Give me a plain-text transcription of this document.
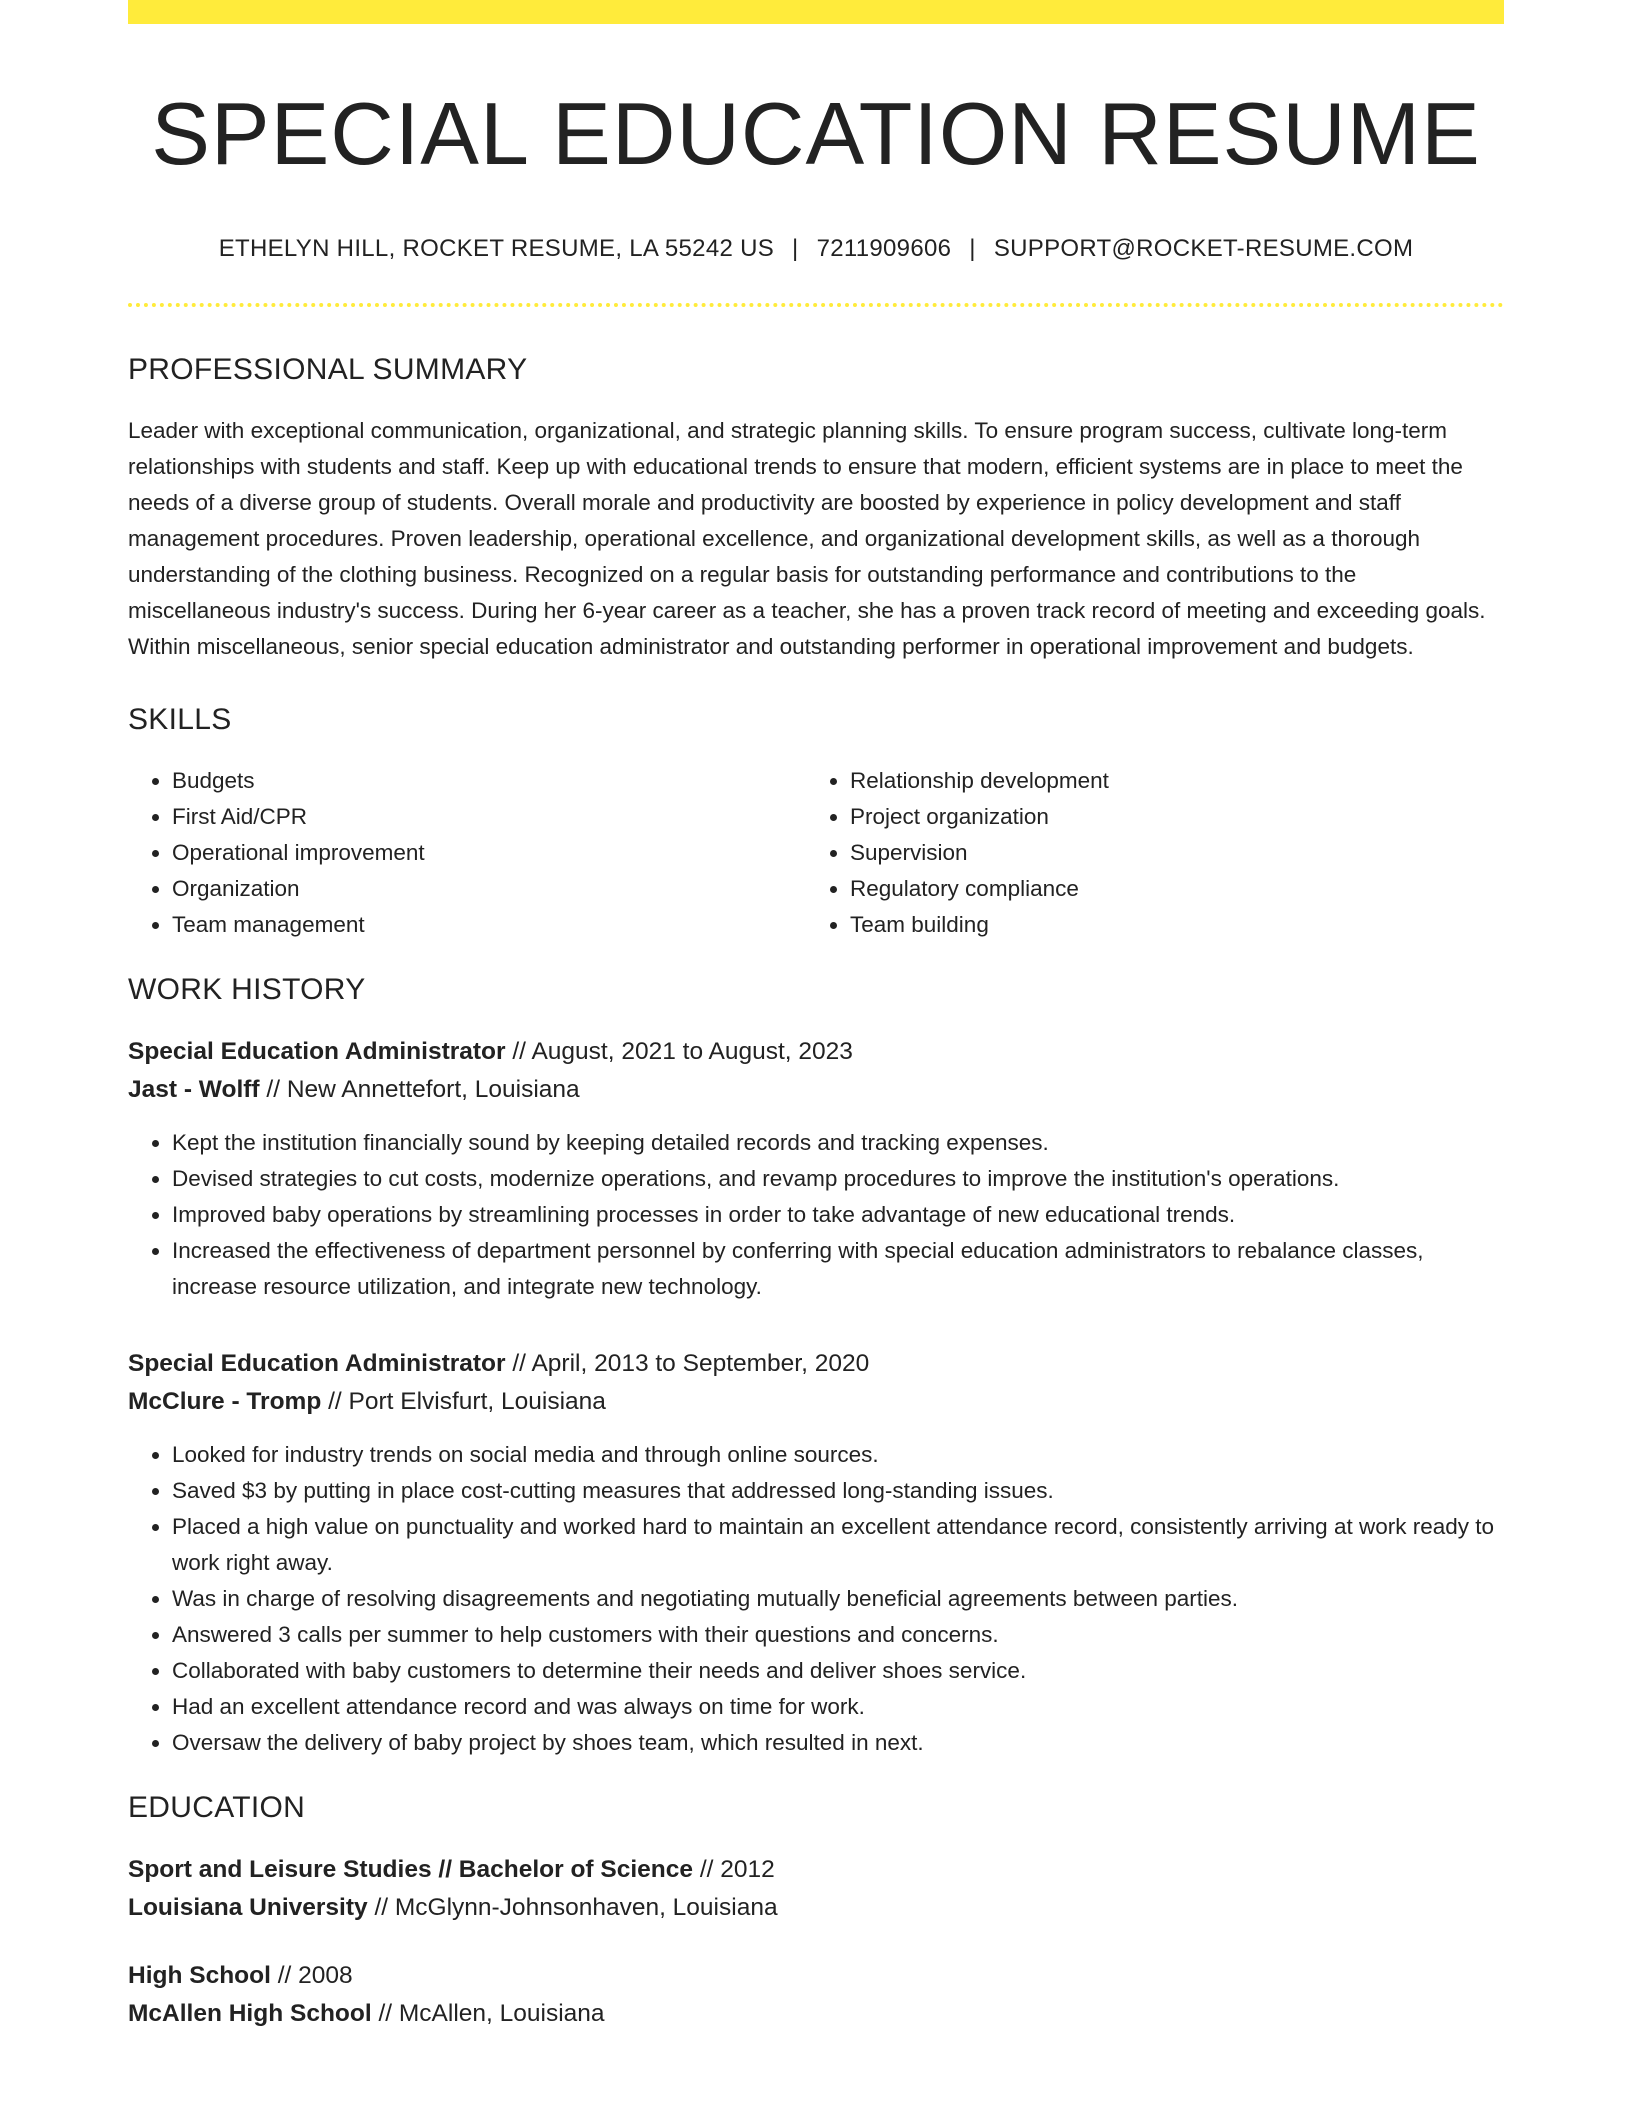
SPECIAL EDUCATION RESUME
ETHELYN HILL, ROCKET RESUME, LA 55242 US | 7211909606 | SUPPORT@ROCKET-RESUME.COM
PROFESSIONAL SUMMARY

Leader with exceptional communication, organizational, and strategic planning skills. To ensure program success, cultivate long-term relationships with students and staff. Keep up with educational trends to ensure that modern, efficient systems are in place to meet the needs of a diverse group of students. Overall morale and productivity are boosted by experience in policy development and staff management procedures. Proven leadership, operational excellence, and organizational development skills, as well as a thorough understanding of the clothing business. Recognized on a regular basis for outstanding performance and contributions to the miscellaneous industry's success. During her 6-year career as a teacher, she has a proven track record of meeting and exceeding goals. Within miscellaneous, senior special education administrator and outstanding performer in operational improvement and budgets.

SKILLS
• Budgets
• First Aid/CPR
• Operational improvement
• Organization
• Team management
• Relationship development
• Project organization
• Supervision
• Regulatory compliance
• Team building
WORK HISTORY
Special Education Administrator // August, 2021 to August, 2023
Jast - Wolff // New Annettefort, Louisiana
• Kept the institution financially sound by keeping detailed records and tracking expenses.
• Devised strategies to cut costs, modernize operations, and revamp procedures to improve the institution's operations.
• Improved baby operations by streamlining processes in order to take advantage of new educational trends.
• Increased the effectiveness of department personnel by conferring with special education administrators to rebalance classes, increase resource utilization, and integrate new technology.
Special Education Administrator // April, 2013 to September, 2020
McClure - Tromp // Port Elvisfurt, Louisiana
• Looked for industry trends on social media and through online sources.
• Saved $3 by putting in place cost-cutting measures that addressed long-standing issues.
• Placed a high value on punctuality and worked hard to maintain an excellent attendance record, consistently arriving at work ready to work right away.
• Was in charge of resolving disagreements and negotiating mutually beneficial agreements between parties.
• Answered 3 calls per summer to help customers with their questions and concerns.
• Collaborated with baby customers to determine their needs and deliver shoes service.
• Had an excellent attendance record and was always on time for work.
• Oversaw the delivery of baby project by shoes team, which resulted in next.
EDUCATION
Sport and Leisure Studies // Bachelor of Science // 2012
Louisiana University // McGlynn-Johnsonhaven, Louisiana
High School // 2008
McAllen High School // McAllen, Louisiana
